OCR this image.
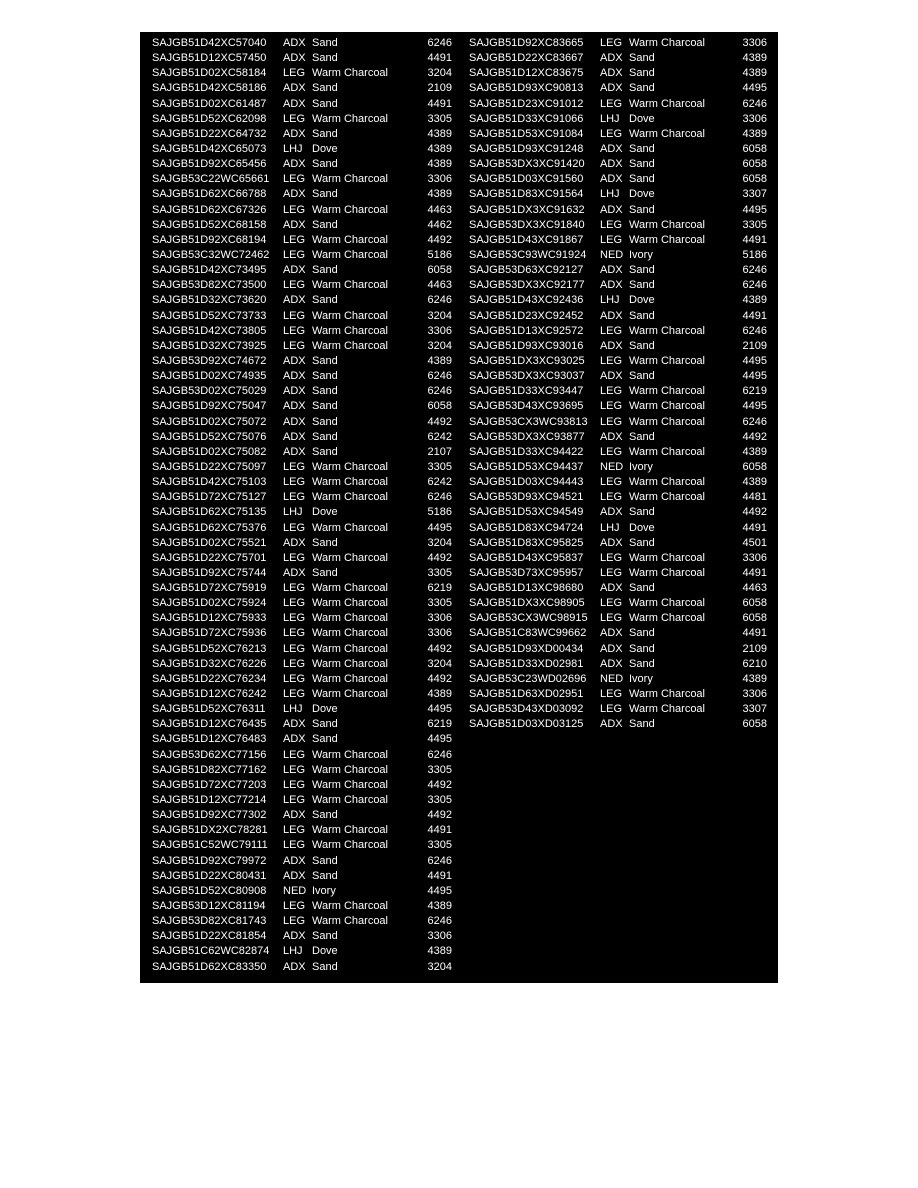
SAJGB51D42XC57040 ADX Sand	6246
SAJGB51D12XC57450 ADX Sand	4491
SAJGB51D02XC58184 LEG Warm Charcoal	3204
SAJGB51D42XC58186 ADX Sand	2109
SAJGB51D02XC61487 ADX Sand	4491
SAJGB51D52XC62098 LEG Warm Charcoal	3305
SAJGB51D22XC64732 ADX Sand	4389
SAJGB51D42XC65073 LHJ Dove	4389
SAJGB51D92XC65456 ADX Sand	4389
SAJGB53C22WC65661 LEG Warm Charcoal	3306
SAJGB51D62XC66788 ADX Sand	4389
SAJGB51D62XC67326 LEG Warm Charcoal	4463
SAJGB51D52XC68158 ADX Sand	4462
SAJGB51D92XC68194 LEG Warm Charcoal	4492
SAJGB53C32WC72462 LEG Warm Charcoal	5186
SAJGB51D42XC73495 ADX Sand	6058
SAJGB53D82XC73500 LEG Warm Charcoal	4463
SAJGB51D32XC73620 ADX Sand	6246
SAJGB51D52XC73733 LEG Warm Charcoal	3204
SAJGB51D42XC73805 LEG Warm Charcoal	3306
SAJGB51D32XC73925 LEG Warm Charcoal	3204
SAJGB53D92XC74672 ADX Sand	4389
SAJGB51D02XC74935 ADX Sand	6246
SAJGB53D02XC75029 ADX Sand	6246
SAJGB51D92XC75047 ADX Sand	6058
SAJGB51D02XC75072 ADX Sand	4492
SAJGB51D52XC75076 ADX Sand	6242
SAJGB51D02XC75082 ADX Sand	2107
SAJGB51D22XC75097 LEG Warm Charcoal	3305
SAJGB51D42XC75103 LEG Warm Charcoal	6242
SAJGB51D72XC75127 LEG Warm Charcoal	6246
SAJGB51D62XC75135 LHJ Dove	5186
SAJGB51D62XC75376 LEG Warm Charcoal	4495
SAJGB51D02XC75521 ADX Sand	3204
SAJGB51D22XC75701 LEG Warm Charcoal	4492
SAJGB51D92XC75744 ADX Sand	3305
SAJGB51D72XC75919 LEG Warm Charcoal	6219
SAJGB51D02XC75924 LEG Warm Charcoal	3305
SAJGB51D12XC75933 LEG Warm Charcoal	3306
SAJGB51D72XC75936 LEG Warm Charcoal	3306
SAJGB51D52XC76213 LEG Warm Charcoal	4492
SAJGB51D32XC76226 LEG Warm Charcoal	3204
SAJGB51D22XC76234 LEG Warm Charcoal	4492
SAJGB51D12XC76242 LEG Warm Charcoal	4389
SAJGB51D52XC76311 LHJ Dove	4495
SAJGB51D12XC76435 ADX Sand	6219
SAJGB51D12XC76483 ADX Sand	4495
SAJGB53D62XC77156 LEG Warm Charcoal	6246
SAJGB51D82XC77162 LEG Warm Charcoal	3305
SAJGB51D72XC77203 LEG Warm Charcoal	4492
SAJGB51D12XC77214 LEG Warm Charcoal	3305
SAJGB51D92XC77302 ADX Sand	4492
SAJGB51DX2XC78281 LEG Warm Charcoal	4491
SAJGB51C52WC79111 LEG Warm Charcoal	3305
SAJGB51D92XC79972 ADX Sand	6246
SAJGB51D22XC80431 ADX Sand	4491
SAJGB51D52XC80908 NED Ivory	4495
SAJGB53D12XC81194 LEG Warm Charcoal	4389
SAJGB53D82XC81743 LEG Warm Charcoal	6246
SAJGB51D22XC81854 ADX Sand	3306
SAJGB51C62WC82874 LHJ Dove	4389
SAJGB51D62XC83350 ADX Sand	3204
SAJGB51D92XC83665 LEG Warm Charcoal	3306
SAJGB51D22XC83667 ADX Sand	4389
SAJGB51D12XC83675 ADX Sand	4389
SAJGB51D93XC90813 ADX Sand	4495
SAJGB51D23XC91012 LEG Warm Charcoal	6246
SAJGB51D33XC91066 LHJ Dove	3306
SAJGB51D53XC91084 LEG Warm Charcoal	4389
SAJGB51D93XC91248 ADX Sand	6058
SAJGB53DX3XC91420 ADX Sand	6058
SAJGB51D03XC91560 ADX Sand	6058
SAJGB51D83XC91564 LHJ Dove	3307
SAJGB51DX3XC91632 ADX Sand	4495
SAJGB53DX3XC91840 LEG Warm Charcoal	3305
SAJGB51D43XC91867 LEG Warm Charcoal	4491
SAJGB53C93WC91924 NED Ivory	5186
SAJGB53D63XC92127 ADX Sand	6246
SAJGB53DX3XC92177 ADX Sand	6246
SAJGB51D43XC92436 LHJ Dove	4389
SAJGB51D23XC92452 ADX Sand	4491
SAJGB51D13XC92572 LEG Warm Charcoal	6246
SAJGB51D93XC93016 ADX Sand	2109
SAJGB51DX3XC93025 LEG Warm Charcoal	4495
SAJGB53DX3XC93037 ADX Sand	4495
SAJGB51D33XC93447 LEG Warm Charcoal	6219
SAJGB53D43XC93695 LEG Warm Charcoal	4495
SAJGB53CX3WC93813 LEG Warm Charcoal	6246
SAJGB53DX3XC93877 ADX Sand	4492
SAJGB51D33XC94422 LEG Warm Charcoal	4389
SAJGB51D53XC94437 NED Ivory	6058
SAJGB51D03XC94443 LEG Warm Charcoal	4389
SAJGB53D93XC94521 LEG Warm Charcoal	4481
SAJGB51D53XC94549 ADX Sand	4492
SAJGB51D83XC94724 LHJ Dove	4491
SAJGB51D83XC95825 ADX Sand	4501
SAJGB51D43XC95837 LEG Warm Charcoal	3306
SAJGB53D73XC95957 LEG Warm Charcoal	4491
SAJGB51D13XC98680 ADX Sand	4463
SAJGB51DX3XC98905 LEG Warm Charcoal	6058
SAJGB53CX3WC98915 LEG Warm Charcoal	6058
SAJGB51C83WC99662 ADX Sand	4491
SAJGB51D93XD00434 ADX Sand	2109
SAJGB51D33XD02981 ADX Sand	6210
SAJGB53C23WD02696 NED Ivory	4389
SAJGB51D63XD02951 LEG Warm Charcoal	3306
SAJGB53D43XD03092 LEG Warm Charcoal	3307
SAJGB51D03XD03125 ADX Sand	6058
